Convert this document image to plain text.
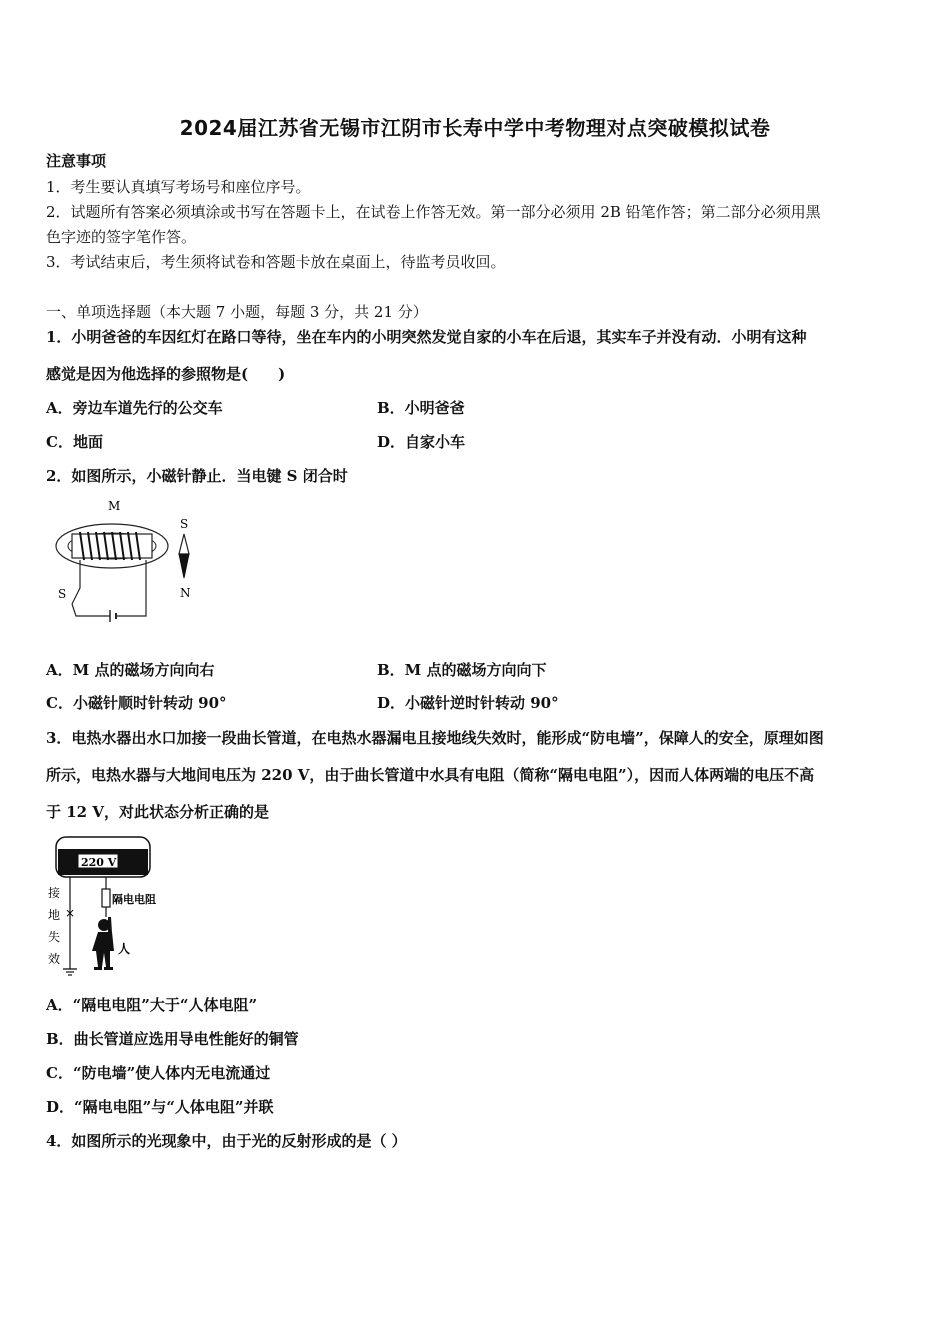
2024届江苏省无锡市江阴市长寿中学中考物理对点突破模拟试卷
注意事项
1．考生要认真填写考场号和座位序号。
2．试题所有答案必须填涂或书写在答题卡上，在试卷上作答无效。第一部分必须用 2B 铅笔作答；第二部分必须用黑
色字迹的签字笔作答。
3．考试结束后，考生须将试卷和答题卡放在桌面上，待监考员收回。
一、单项选择题（本大题 7 小题，每题 3 分，共 21 分）
1．小明爸爸的车因红灯在路口等待，坐在车内的小明突然发觉自家的小车在后退，其实车子并没有动．小明有这种
感觉是因为他选择的参照物是(　　)
A．旁边车道先行的公交车	B．小明爸爸
C．地面	D．自家小车
2．如图所示，小磁针静止．当电键 S 闭合时
M
S
S
N
A．M 点的磁场方向向右	B．M 点的磁场方向向下
C．小磁针顺时针转动 90°	D．小磁针逆时针转动 90°
3．电热水器出水口加接一段曲长管道，在电热水器漏电且接地线失效时，能形成“防电墙”，保障人的安全，原理如图
所示，电热水器与大地间电压为 220 V，由于曲长管道中水具有电阻（简称“隔电电阻”），因而人体两端的电压不高
于 12 V，对此状态分析正确的是
220 V
×
接
地
失
效
隔电电阻
人
A．“隔电电阻”大于“人体电阻”
B．曲长管道应选用导电性能好的铜管
C．“防电墙”使人体内无电流通过
D．“隔电电阻”与“人体电阻”并联
4．如图所示的光现象中，由于光的反射形成的是（ ）
